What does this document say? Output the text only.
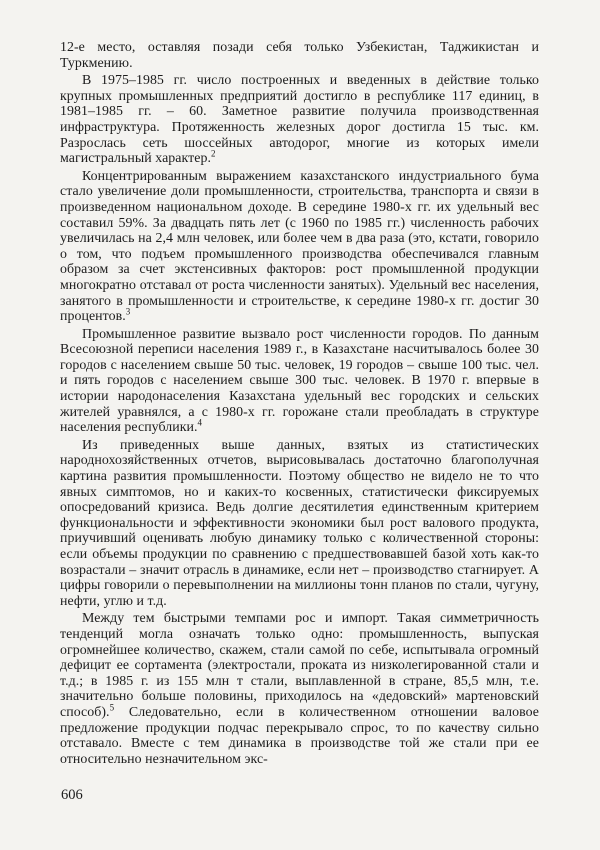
12-е место, оставляя позади себя только Узбекистан, Таджикистан и Туркмению.

В 1975–1985 гг. число построенных и введенных в действие только крупных промышленных предприятий достигло в республике 117 единиц, в 1981–1985 гг. – 60. Заметное развитие получила производственная инфраструктура. Протяженность железных дорог достигла 15 тыс. км. Разрослась сеть шоссейных автодорог, многие из которых имели магистральный характер.$^2$

Концентрированным выражением казахстанского индустриального бума стало увеличение доли промышленности, строительства, транспорта и связи в произведенном национальном доходе. В середине 1980-х гг. их удельный вес составил 59%. За двадцать пять лет (с 1960 по 1985 гг.) численность рабочих увеличилась на 2,4 млн человек, или более чем в два раза (это, кстати, говорило о том, что подъем промышленного производства обеспечивался главным образом за счет экстенсивных факторов: рост промышленной продукции многократно отставал от роста численности занятых). Удельный вес населения, занятого в промышленности и строительстве, к середине 1980-х гг. достиг 30 процентов.$^3$

Промышленное развитие вызвало рост численности городов. По данным Всесоюзной переписи населения 1989 г., в Казахстане насчитывалось более 30 городов с населением свыше 50 тыс. человек, 19 городов – свыше 100 тыс. чел. и пять городов с населением свыше 300 тыс. человек. В 1970 г. впервые в истории народонаселения Казахстана удельный вес городских и сельских жителей уравнялся, а с 1980-х гг. горожане стали преобладать в структуре населения республики.$^4$

Из приведенных выше данных, взятых из статистических народнохозяйственных отчетов, вырисовывалась достаточно благополучная картина развития промышленности. Поэтому общество не видело не то что явных симптомов, но и каких-то косвенных, статистически фиксируемых опосредований кризиса. Ведь долгие десятилетия единственным критерием функциональности и эффективности экономики был рост валового продукта, приучивший оценивать любую динамику только с количественной стороны: если объемы продукции по сравнению с предшествовавшей базой хоть как-то возрастали – значит отрасль в динамике, если нет – производство стагнирует. А цифры говорили о перевыполнении на миллионы тонн планов по стали, чугуну, нефти, углю и т.д.

Между тем быстрыми темпами рос и импорт. Такая симметричность тенденций могла означать только одно: промышленность, выпуская огромнейшее количество, скажем, стали самой по себе, испытывала огромный дефицит ее сортамента (электростали, проката из низколегированной стали и т.д.; в 1985 г. из 155 млн т стали, выплавленной в стране, 85,5 млн, т.е. значительно больше половины, приходилось на «дедовский» мартеновский способ).$^5$ Следовательно, если в количественном отношении валовое предложение продукции подчас перекрывало спрос, то по качеству сильно отставало. Вместе с тем динамика в производстве той же стали при ее относительно незначительном экс-

606
